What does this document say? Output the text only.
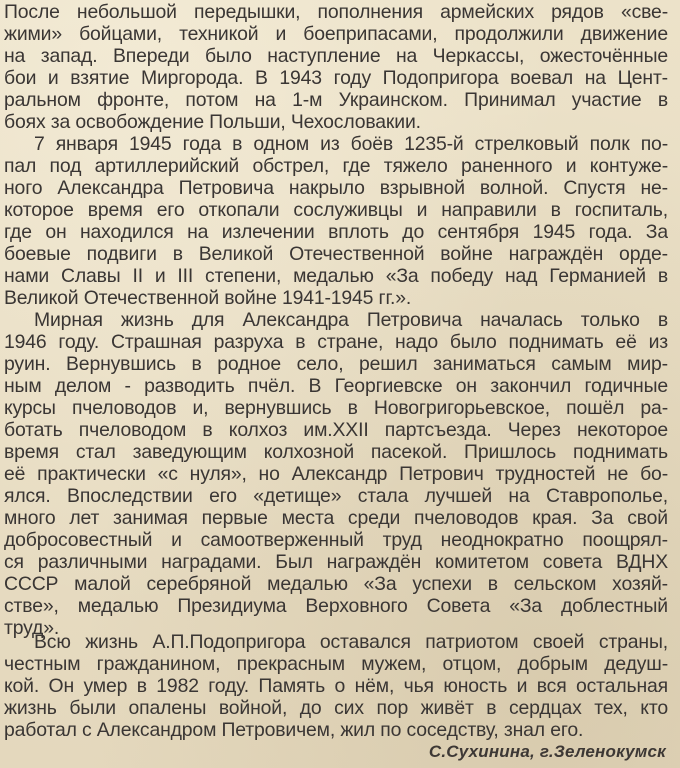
После небольшой передышки, пополнения армейских рядов «све-
жими» бойцами, техникой и боеприпасами, продолжили движение
на запад. Впереди было наступление на Черкассы, ожесточённые
бои и взятие Миргорода. В 1943 году Подопригора воевал на Цент-
ральном фронте, потом на 1-м Украинском. Принимал участие в
боях за освобождение Польши, Чехословакии.
7 января 1945 года в одном из боёв 1235-й стрелковый полк по-
пал под артиллерийский обстрел, где тяжело раненного и контуже-
ного Александра Петровича накрыло взрывной волной. Спустя не-
которое время его откопали сослуживцы и направили в госпиталь,
где он находился на излечении вплоть до сентября 1945 года. За
боевые подвиги в Великой Отечественной войне награждён орде-
нами Славы II и III степени, медалью «За победу над Германией в
Великой Отечественной войне 1941-1945 гг.».
Мирная жизнь для Александра Петровича началась только в
1946 году. Страшная разруха в стране, надо было поднимать её из
руин. Вернувшись в родное село, решил заниматься самым мир-
ным делом - разводить пчёл. В Георгиевске он закончил годичные
курсы пчеловодов и, вернувшись в Новогригорьевское, пошёл ра-
ботать пчеловодом в колхоз им.XXII партсъезда. Через некоторое
время стал заведующим колхозной пасекой. Пришлось поднимать
её практически «с нуля», но Александр Петрович трудностей не бо-
ялся. Впоследствии его «детище» стала лучшей на Ставрополье,
много лет занимая первые места среди пчеловодов края. За свой
добросовестный и самоотверженный труд неоднократно поощрял-
ся различными наградами. Был награждён комитетом совета ВДНХ
СССР малой серебряной медалью «За успехи в сельском хозяй-
стве», медалью Президиума Верховного Совета «За доблестный
труд».
Всю жизнь А.П.Подопригора оставался патриотом своей страны,
честным гражданином, прекрасным мужем, отцом, добрым дедуш-
кой. Он умер в 1982 году. Память о нём, чья юность и вся остальная
жизнь были опалены войной, до сих пор живёт в сердцах тех, кто
работал с Александром Петровичем, жил по соседству, знал его.
С.Сухинина, г.Зеленокумск
